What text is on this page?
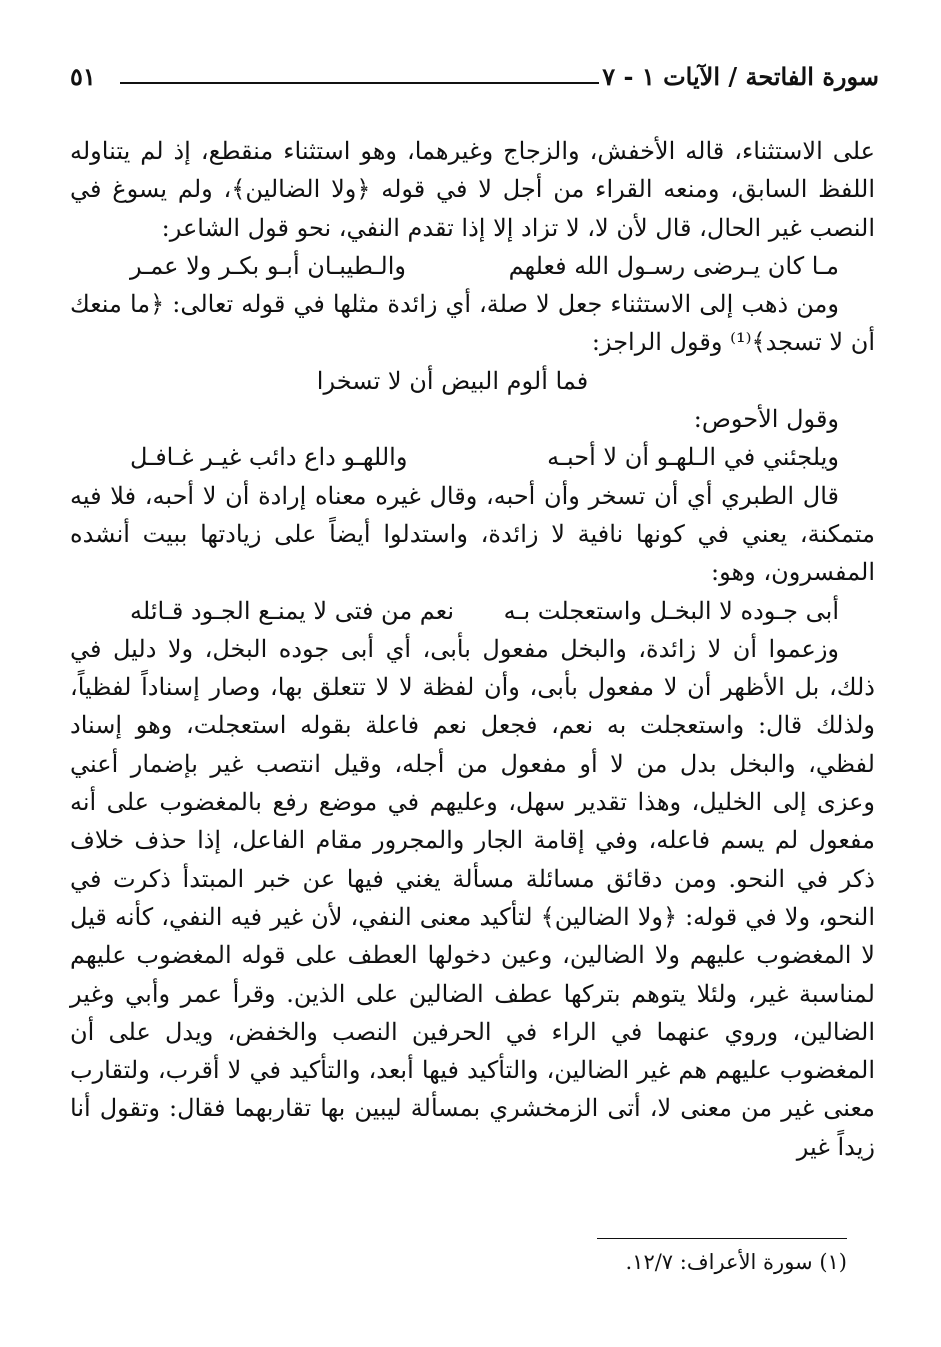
سورة الفاتحة / الآيات ١ - ٧
٥١

على الاستثناء، قاله الأخفش، والزجاج وغيرهما، وهو استثناء منقطع، إذ لم يتناوله اللفظ السابق، ومنعه القراء من أجل لا في قوله ﴿ولا الضالين﴾، ولم يسوغ في النصب غير الحال، قال لأن لا، لا تزاد إلا إذا تقدم النفي، نحو قول الشاعر:

مـا كان يـرضى رسـول الله فعلهم
والـطيبـان أبـو بكـر ولا عمـر

ومن ذهب إلى الاستثناء جعل لا صلة، أي زائدة مثلها في قوله تعالى: ﴿ما منعك أن لا تسجد﴾⁽¹⁾ وقول الراجز:

فما ألوم البيض أن لا تسخرا

وقول الأحوص:

ويلجئني في الـلهـو أن لا أحبـه
واللهـو داع دائب غيـر غـافـل

قال الطبري أي أن تسخر وأن أحبه، وقال غيره معناه إرادة أن لا أحبه، فلا فيه متمكنة، يعني في كونها نافية لا زائدة، واستدلوا أيضاً على زيادتها ببيت أنشده المفسرون، وهو:

أبى جـوده لا البخـل واستعجلت بـه
نعم من فتى لا يمنـع الجـود قـائله

وزعموا أن لا زائدة، والبخل مفعول بأبى، أي أبى جوده البخل، ولا دليل في ذلك، بل الأظهر أن لا مفعول بأبى، وأن لفظة لا لا تتعلق بها، وصار إسناداً لفظياً، ولذلك قال: واستعجلت به نعم، فجعل نعم فاعلة بقوله استعجلت، وهو إسناد لفظي، والبخل بدل من لا أو مفعول من أجله، وقيل انتصب غير بإضمار أعني وعزى إلى الخليل، وهذا تقدير سهل، وعليهم في موضع رفع بالمغضوب على أنه مفعول لم يسم فاعله، وفي إقامة الجار والمجرور مقام الفاعل، إذا حذف خلاف ذكر في النحو. ومن دقائق مسائلة مسألة يغني فيها عن خبر المبتدأ ذكرت في النحو، ولا في قوله: ﴿ولا الضالين﴾ لتأكيد معنى النفي، لأن غير فيه النفي، كأنه قيل لا المغضوب عليهم ولا الضالين، وعين دخولها العطف على قوله المغضوب عليهم لمناسبة غير، ولئلا يتوهم بتركها عطف الضالين على الذين. وقرأ عمر وأبي وغير الضالين، وروي عنهما في الراء في الحرفين النصب والخفض، ويدل على أن المغضوب عليهم هم غير الضالين، والتأكيد فيها أبعد، والتأكيد في لا أقرب، ولتقارب معنى غير من معنى لا، أتى الزمخشري بمسألة ليبين بها تقاربهما فقال: وتقول أنا زيداً غير

(١) سورة الأعراف: ١٢/٧.
